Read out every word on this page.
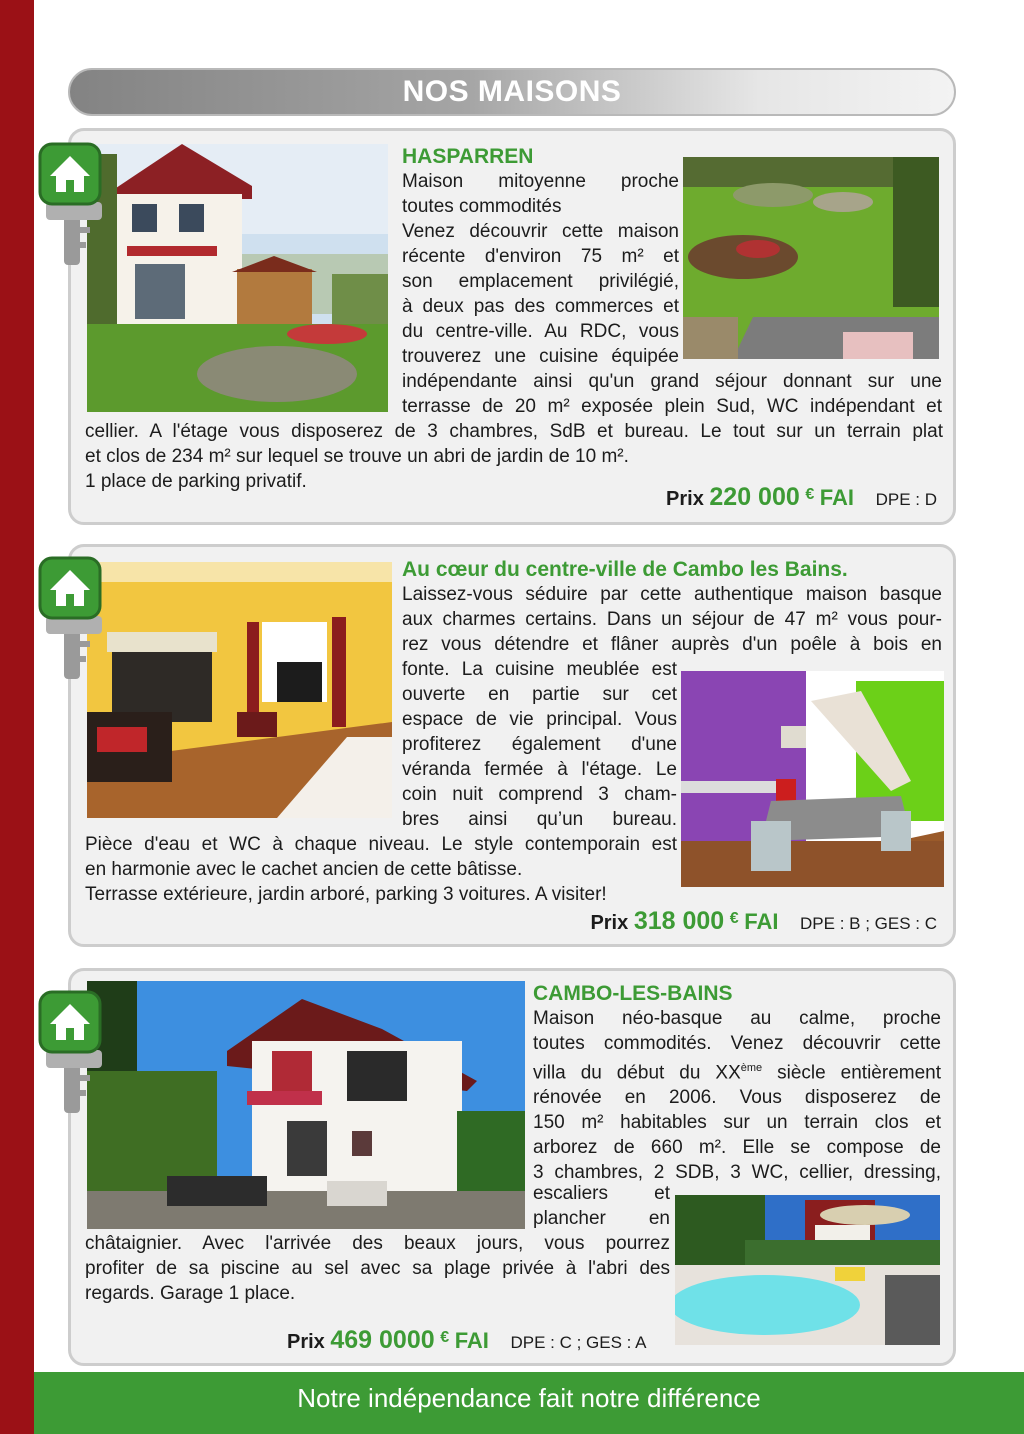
NOS MAISONS
HASPARREN

Maison mitoyenne proche

toutes commodités

Venez découvrir cette maison

récente d'environ 75 m² et

son emplacement privilégié,

à deux pas des commerces et

du centre-ville. Au RDC, vous

trouverez une cuisine équipée

indépendante ainsi qu'un grand séjour donnant sur une

terrasse de 20 m² exposée plein Sud, WC indépendant et

cellier. A l'étage vous disposerez de 3 chambres, SdB et bureau. Le tout sur un terrain plat

et clos de 234 m² sur lequel se trouve un abri de jardin de 10 m².

1 place de parking privatif.

Prix 220 000 € FAI DPE : D
Au cœur du centre-ville de Cambo les Bains.

Laissez-vous séduire par cette authentique maison basque

aux charmes certains. Dans un séjour de 47 m² vous pour-

rez vous détendre et flâner auprès d'un poêle à bois en

fonte. La cuisine meublée est

ouverte en partie sur cet

espace de vie principal. Vous

profiterez également d'une

véranda fermée à l'étage. Le

coin nuit comprend 3 cham-

bres ainsi qu’un bureau.

Pièce d'eau et WC à chaque niveau. Le style contemporain est

en harmonie avec le cachet ancien de cette bâtisse.

Terrasse extérieure, jardin arboré, parking 3 voitures. A visiter!

Prix 318 000 € FAI DPE : B ; GES : C
CAMBO-LES-BAINS

Maison néo-basque au calme, proche

toutes commodités. Venez découvrir cette

villa du début du XXème siècle entièrement

rénovée en 2006. Vous disposerez de

150 m² habitables sur un terrain clos et

arborez de 660 m². Elle se compose de

3 chambres, 2 SDB, 3 WC, cellier, dressing,

escaliers et

plancher en

châtaignier. Avec l'arrivée des beaux jours, vous pourrez

profiter de sa piscine au sel avec sa plage privée à l'abri des

regards. Garage 1 place.

Prix 469 0000 € FAI DPE : C ; GES : A
Notre indépendance fait notre différence
